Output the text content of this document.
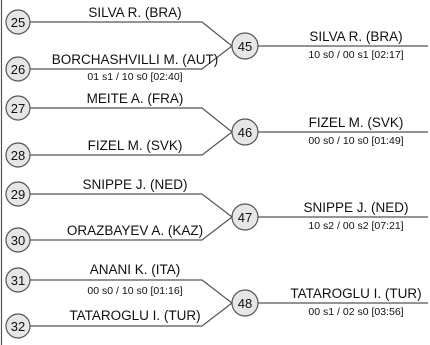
25
26
SILVA R. (BRA)
BORCHASHVILLI M. (AUT)
01 s1 / 10 s0 [02:40]
45
SILVA R. (BRA)
10 s0 / 00 s1 [02:17]
27
28
MEITE A. (FRA)
FIZEL M. (SVK)
46
FIZEL M. (SVK)
00 s0 / 10 s0 [01:49]
29
30
SNIPPE J. (NED)
ORAZBAYEV A. (KAZ)
47
SNIPPE J. (NED)
10 s2 / 00 s2 [07:21]
31
32
ANANI K. (ITA)
00 s0 / 10 s0 [01:16]
TATAROGLU I. (TUR)
48
TATAROGLU I. (TUR)
00 s1 / 02 s0 [03:56]
